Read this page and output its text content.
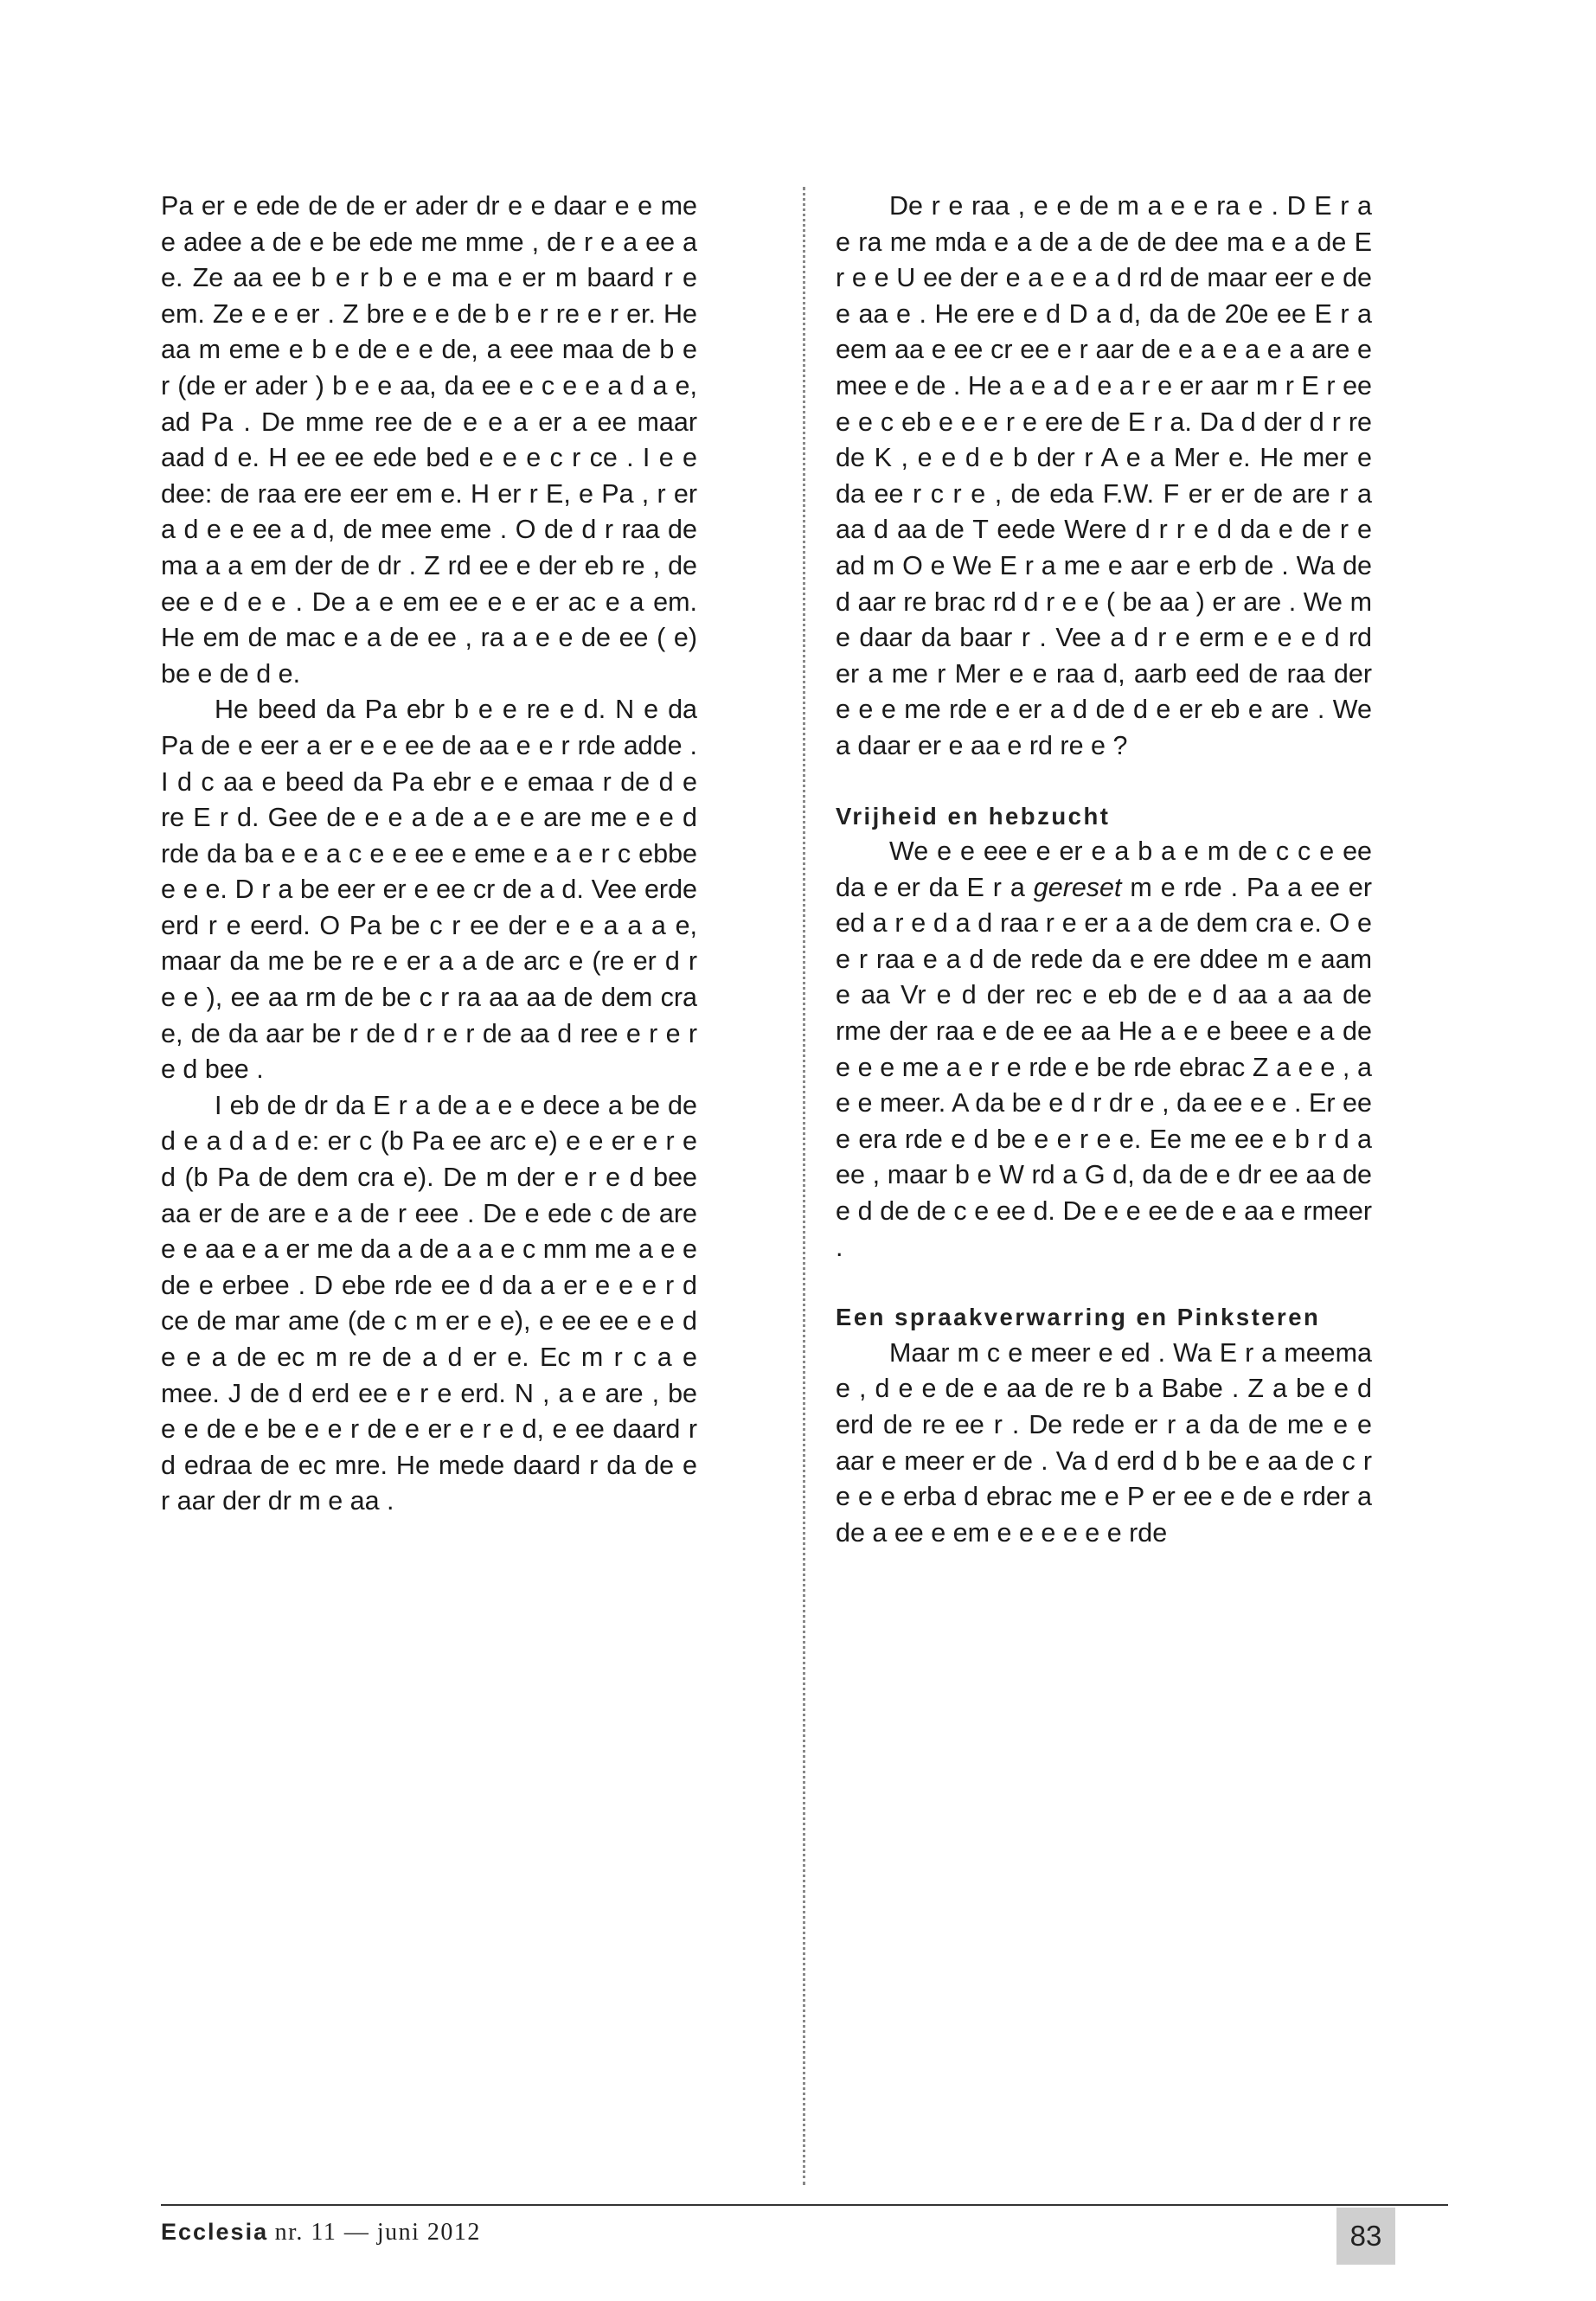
Pa er e ede de de er ader dr e e daar e e me e adee a de e be ede me mme , de r e a ee a e. Ze aa ee b e r b e e ma e er m baard r e em. Ze e e er . Z bre e e de b e r re e r er. He aa m eme e b e de e e de, a eee maa de b e r (de er ader ) b e e aa, da ee e c e e a d a e, ad Pa . De mme ree de e e a er a ee maar aad d e. H ee ee ede bed e e e c r ce . I e e dee: de raa ere eer em e. H er r E, e Pa , r er a d e e ee a d, de mee eme . O de d r raa de ma a a em der de dr . Z rd ee e der eb re , de ee e d e e . De a e em ee e e er ac e a em. He em de mac e a de ee , ra a e e de ee ( e) be e de d e.

He beed da Pa ebr b e e re e d. N e da Pa de e eer a er e e ee de aa e e r rde adde . I d c aa e beed da Pa ebr e e emaa r de d e re E r d. Gee de e e a de a e e are me e e d rde da ba e e a c e e ee e eme e a e r c ebbe e e e. D r a be eer er e ee cr de a d. Vee erde erd r e eerd. O Pa be c r ee der e e a a a e, maar da me be re e er a a de arc e (re er d r e e ), ee aa rm de be c r ra aa aa de dem cra e, de da aar be r de d r e r de aa d ree e r e r e d bee .

I eb de dr da E r a de a e e dece a be de d e a d a d e: er c (b Pa ee arc e) e e er e r e d (b Pa de dem cra e). De m der e r e d bee aa er de are e a de r eee . De e ede c de are e e aa e a er me da a de a a e c mm me a e e de e erbee . D ebe rde ee d da a er e e e r d ce de mar ame (de c m er e e), e ee ee e e d e e a de ec m re de a d er e. Ec m r c a e mee. J de d erd ee e r e erd. N , a e are , be e e de e be e e r de e er e r e d, e ee daard r d edraa de ec mre. He mede daard r da de e r aar der dr m e aa .

De r e raa , e e de m a e e ra e . D E r a e ra me mda e a de a de de dee ma e a de E r e e U ee der e a e e a d rd de maar eer e de e aa e . He ere e d D a d, da de 20e ee E r a eem aa e ee cr ee e r aar de e a e a e a are e mee e de . He a e a d e a r e er aar m r E r ee e e c eb e e e r e ere de E r a. Da d der d r re de K , e e d e b der r A e a Mer e. He mer e da ee r c r e , de eda F.W. F er er de are r a aa d aa de T eede Were d r r e d da e de r e ad m O e We E r a me e aar e erb de . Wa de d aar re brac rd d r e e ( be aa ) er are . We m e daar da baar r . Vee a d r e erm e e e d rd er a me r Mer e e raa d, aarb eed de raa der e e e me rde e er a d de d e er eb e are . We a daar er e aa e rd re e ?

Vrijheid en hebzucht

We e e eee e er e a b a e m de c c e ee da e er da E r a gereset m e rde . Pa a ee er ed a r e d a d raa r e er a a de dem cra e. O e e r raa e a d de rede da e ere ddee m e aam e aa Vr e d der rec e eb de e d aa a aa de rme der raa e de ee aa He a e e beee e a de e e e me a e r e rde e be rde ebrac Z a e e , a e e meer. A da be e d r dr e , da ee e e . Er ee e era rde e d be e e r e e. Ee me ee e b r d a ee , maar b e W rd a G d, da de e dr ee aa de e d de de c e ee d. De e e ee de e aa e rmeer .

Een spraakverwarring en Pinksteren

Maar m c e meer e ed . Wa E r a meema e , d e e de e aa de re b a Babe . Z a be e d erd de re ee r . De rede er r a da de me e e aar e meer er de . Va d erd d b be e aa de c r e e e erba d ebrac me e P er ee e de e rder a de a ee e em e e e e e e rde

Ecclesia nr. 11 — juni 2012	83
